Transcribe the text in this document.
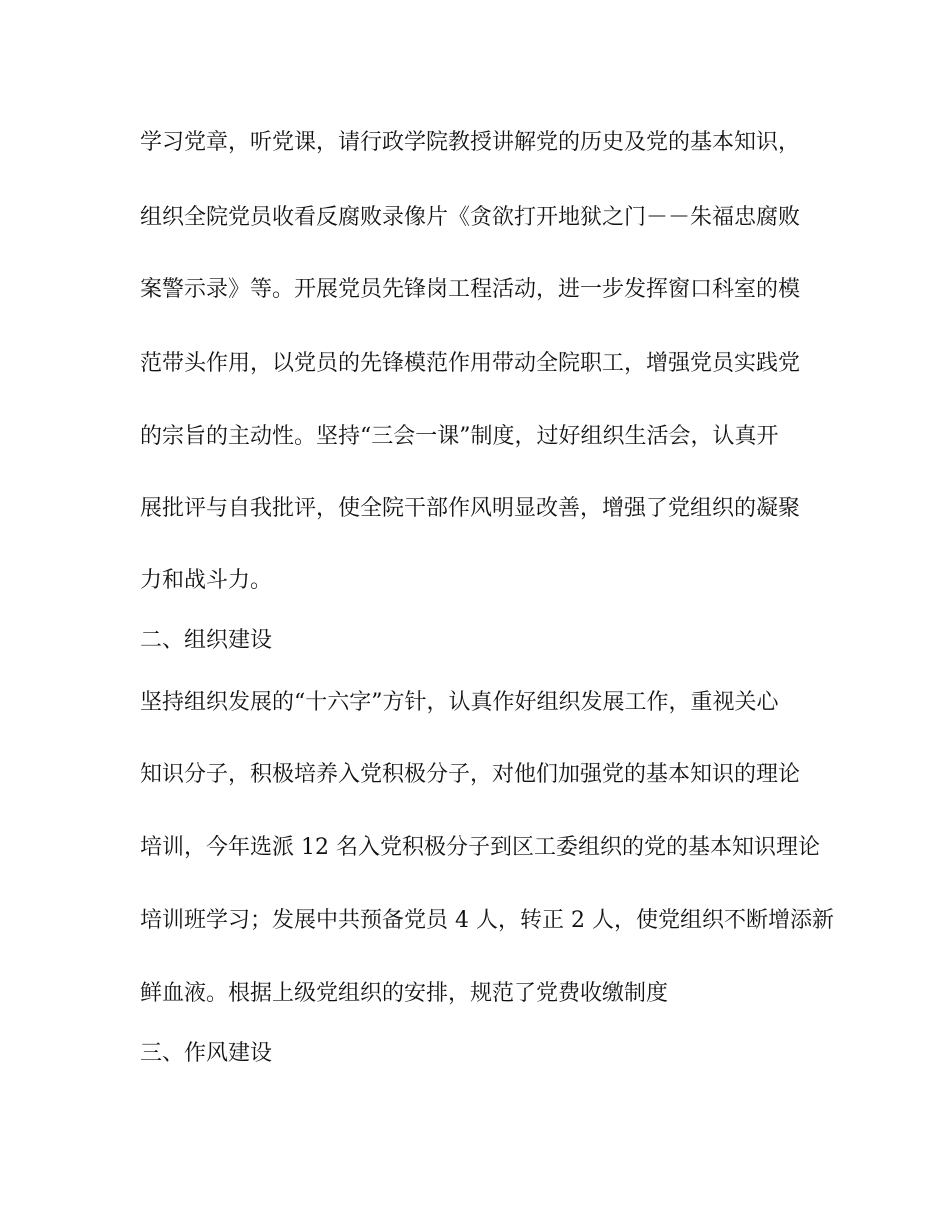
学习党章，听党课，请行政学院教授讲解党的历史及党的基本知识，
组织全院党员收看反腐败录像片《贪欲打开地狱之门－－朱福忠腐败
案警示录》等。开展党员先锋岗工程活动，进一步发挥窗口科室的模
范带头作用，以党员的先锋模范作用带动全院职工，增强党员实践党
的宗旨的主动性。坚持“三会一课”制度，过好组织生活会，认真开
展批评与自我批评，使全院干部作风明显改善，增强了党组织的凝聚
力和战斗力。
二、组织建设
坚持组织发展的“十六字”方针，认真作好组织发展工作，重视关心
知识分子，积极培养入党积极分子，对他们加强党的基本知识的理论
培训，今年选派 12 名入党积极分子到区工委组织的党的基本知识理论
培训班学习；发展中共预备党员 4 人，转正 2 人，使党组织不断增添新
鲜血液。根据上级党组织的安排，规范了党费收缴制度
三、作风建设
